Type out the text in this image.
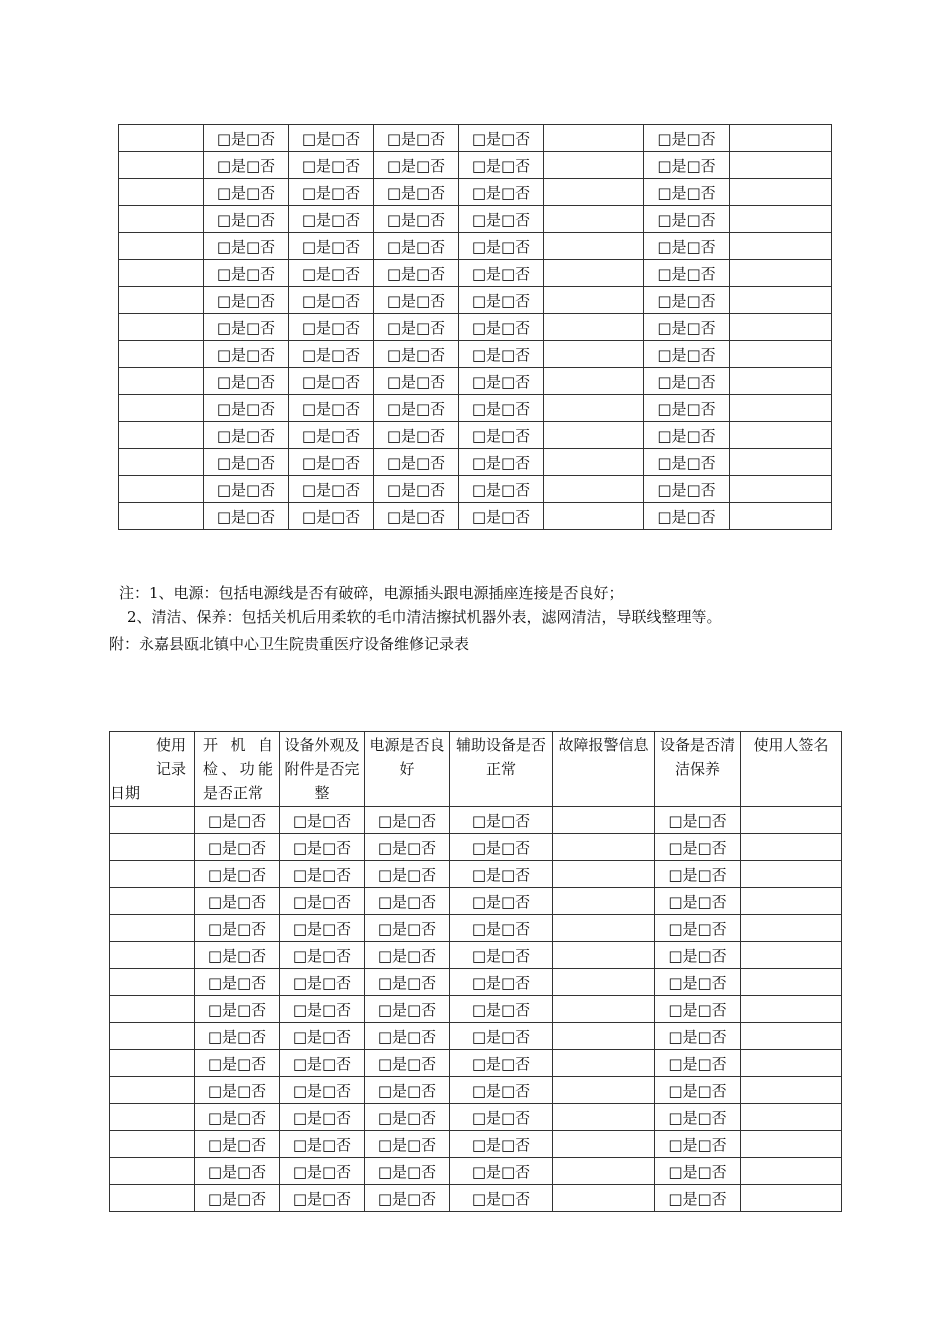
	□是□否	□是□否	□是□否	□是□否		□是□否	
	□是□否	□是□否	□是□否	□是□否		□是□否	
	□是□否	□是□否	□是□否	□是□否		□是□否	
	□是□否	□是□否	□是□否	□是□否		□是□否	
	□是□否	□是□否	□是□否	□是□否		□是□否	
	□是□否	□是□否	□是□否	□是□否		□是□否	
	□是□否	□是□否	□是□否	□是□否		□是□否	
	□是□否	□是□否	□是□否	□是□否		□是□否	
	□是□否	□是□否	□是□否	□是□否		□是□否	
	□是□否	□是□否	□是□否	□是□否		□是□否	
	□是□否	□是□否	□是□否	□是□否		□是□否	
	□是□否	□是□否	□是□否	□是□否		□是□否	
	□是□否	□是□否	□是□否	□是□否		□是□否	
	□是□否	□是□否	□是□否	□是□否		□是□否	
	□是□否	□是□否	□是□否	□是□否		□是□否	
注：1、电源：包括电源线是否有破碎，电源插头跟电源插座连接是否良好；
2、清洁、保养：包括关机后用柔软的毛巾清洁擦拭机器外表，滤网清洁，导联线整理等。
附：永嘉县瓯北镇中心卫生院贵重医疗设备维修记录表
使用
记录
日期	开 机 自 检、功能是否正常	设备外观及附件是否完整	电源是否良好	辅助设备是否正常	故障报警信息	设备是否清洁保养	使用人签名
	□是□否	□是□否	□是□否	□是□否		□是□否	
	□是□否	□是□否	□是□否	□是□否		□是□否	
	□是□否	□是□否	□是□否	□是□否		□是□否	
	□是□否	□是□否	□是□否	□是□否		□是□否	
	□是□否	□是□否	□是□否	□是□否		□是□否	
	□是□否	□是□否	□是□否	□是□否		□是□否	
	□是□否	□是□否	□是□否	□是□否		□是□否	
	□是□否	□是□否	□是□否	□是□否		□是□否	
	□是□否	□是□否	□是□否	□是□否		□是□否	
	□是□否	□是□否	□是□否	□是□否		□是□否	
	□是□否	□是□否	□是□否	□是□否		□是□否	
	□是□否	□是□否	□是□否	□是□否		□是□否	
	□是□否	□是□否	□是□否	□是□否		□是□否	
	□是□否	□是□否	□是□否	□是□否		□是□否	
	□是□否	□是□否	□是□否	□是□否		□是□否	
